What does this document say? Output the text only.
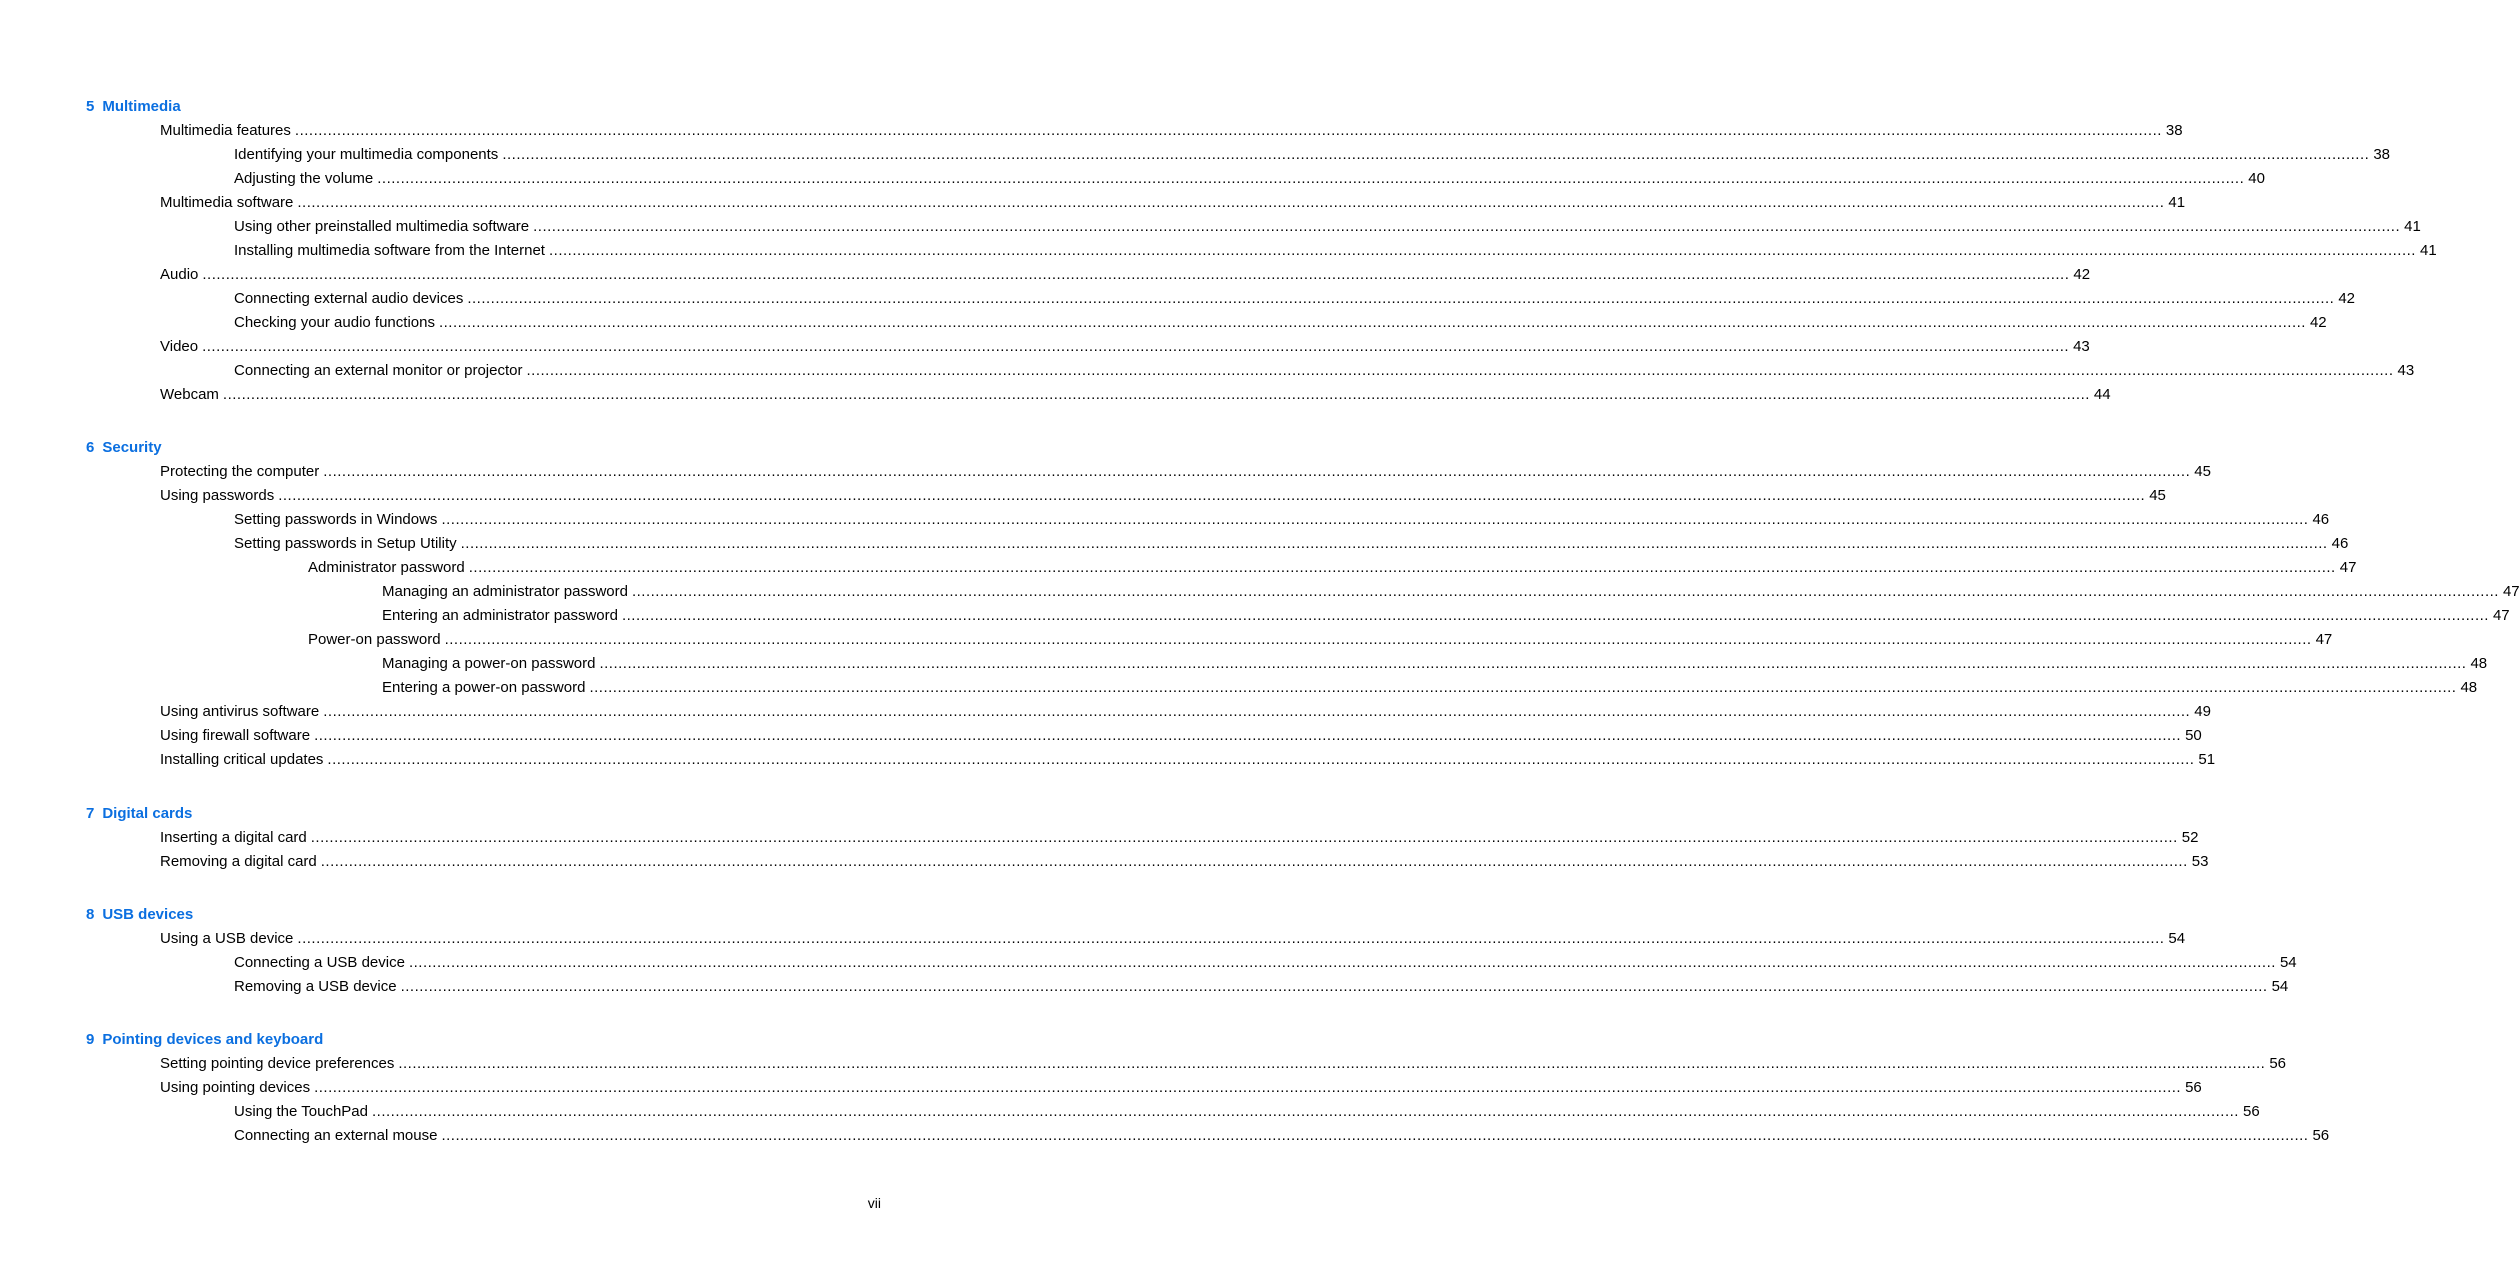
5 Multimedia
Multimedia features ................................................................................................................................................................................................................................................................................................................................................................................................................ 38
Identifying your multimedia components ................................................................................................................................................................................................................................................................................................................................................................................................................ 38
Adjusting the volume ................................................................................................................................................................................................................................................................................................................................................................................................................ 40
Multimedia software ................................................................................................................................................................................................................................................................................................................................................................................................................ 41
Using other preinstalled multimedia software ................................................................................................................................................................................................................................................................................................................................................................................................................ 41
Installing multimedia software from the Internet ................................................................................................................................................................................................................................................................................................................................................................................................................ 41
Audio ................................................................................................................................................................................................................................................................................................................................................................................................................ 42
Connecting external audio devices ................................................................................................................................................................................................................................................................................................................................................................................................................ 42
Checking your audio functions ................................................................................................................................................................................................................................................................................................................................................................................................................ 42
Video ................................................................................................................................................................................................................................................................................................................................................................................................................ 43
Connecting an external monitor or projector ................................................................................................................................................................................................................................................................................................................................................................................................................ 43
Webcam ................................................................................................................................................................................................................................................................................................................................................................................................................ 44
6 Security
Protecting the computer ................................................................................................................................................................................................................................................................................................................................................................................................................ 45
Using passwords ................................................................................................................................................................................................................................................................................................................................................................................................................ 45
Setting passwords in Windows ................................................................................................................................................................................................................................................................................................................................................................................................................ 46
Setting passwords in Setup Utility ................................................................................................................................................................................................................................................................................................................................................................................................................ 46
Administrator password ................................................................................................................................................................................................................................................................................................................................................................................................................ 47
Managing an administrator password ................................................................................................................................................................................................................................................................................................................................................................................................................ 47
Entering an administrator password ................................................................................................................................................................................................................................................................................................................................................................................................................ 47
Power-on password ................................................................................................................................................................................................................................................................................................................................................................................................................ 47
Managing a power-on password ................................................................................................................................................................................................................................................................................................................................................................................................................ 48
Entering a power-on password ................................................................................................................................................................................................................................................................................................................................................................................................................ 48
Using antivirus software ................................................................................................................................................................................................................................................................................................................................................................................................................ 49
Using firewall software ................................................................................................................................................................................................................................................................................................................................................................................................................ 50
Installing critical updates ................................................................................................................................................................................................................................................................................................................................................................................................................ 51
7 Digital cards
Inserting a digital card ................................................................................................................................................................................................................................................................................................................................................................................................................ 52
Removing a digital card ................................................................................................................................................................................................................................................................................................................................................................................................................ 53
8 USB devices
Using a USB device ................................................................................................................................................................................................................................................................................................................................................................................................................ 54
Connecting a USB device ................................................................................................................................................................................................................................................................................................................................................................................................................ 54
Removing a USB device ................................................................................................................................................................................................................................................................................................................................................................................................................ 54
9 Pointing devices and keyboard
Setting pointing device preferences ................................................................................................................................................................................................................................................................................................................................................................................................................ 56
Using pointing devices ................................................................................................................................................................................................................................................................................................................................................................................................................ 56
Using the TouchPad ................................................................................................................................................................................................................................................................................................................................................................................................................ 56
Connecting an external mouse ................................................................................................................................................................................................................................................................................................................................................................................................................ 56
vii
